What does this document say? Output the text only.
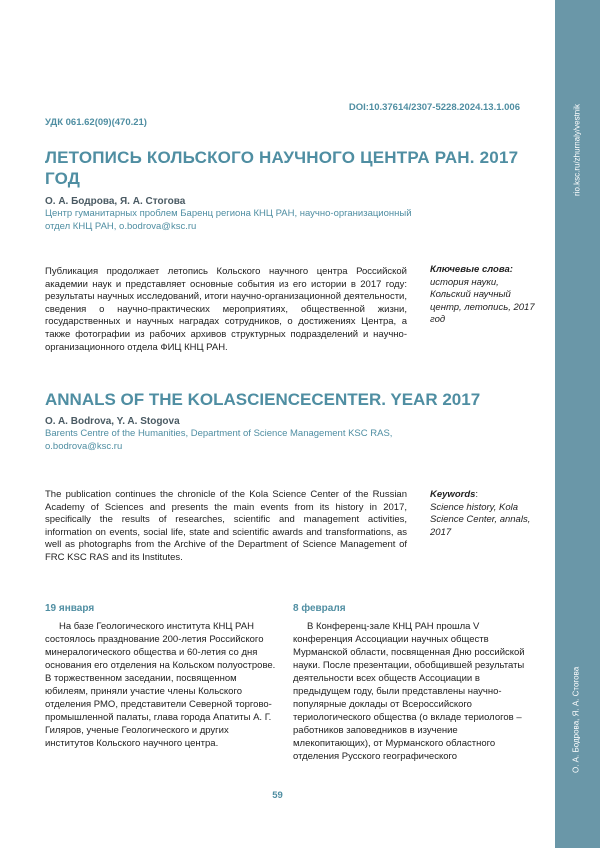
rio.ksc.ru/zhurnaly/vestnik
О. А. Бодрова, Я. А. Стогова
DOI:10.37614/2307-5228.2024.13.1.006
УДК 061.62(09)(470.21)
ЛЕТОПИСЬ КОЛЬСКОГО НАУЧНОГО ЦЕНТРА РАН. 2017 ГОД
О. А. Бодрова, Я. А. Стогова
Центр гуманитарных проблем Баренц региона КНЦ РАН, научно-организационный отдел КНЦ РАН, o.bodrova@ksc.ru
Публикация продолжает летопись Кольского научного центра Российской академии наук и представляет основные события из его истории в 2017 году: результаты научных исследований, итоги научно-организационной деятельности, сведения о научно-практических мероприятиях, общественной жизни, государственных и научных наградах сотрудников, о достижениях Центра, а также фотографии из рабочих архивов структурных подразделений и научно-организационного отдела ФИЦ КНЦ РАН.
Ключевые слова:
история науки, Кольский научный центр, летопись, 2017 год
ANNALS OF THE KOLASCIENCECENTER. YEAR 2017
O. A. Bodrova, Y. A. Stogova
Barents Centre of the Humanities, Department of Science Management KSC RAS, o.bodrova@ksc.ru
The publication continues the chronicle of the Kola Science Center of the Russian Academy of Sciences and presents the main events from its history in 2017, specifically the results of researches, scientific and management activities, information on events, social life, state and scientific awards and transformations, as well as photographs from the Archive of the Department of Science Management of FRC KSC RAS and its Institutes.
Keywords:
Science history, Kola Science Center, annals, 2017
19 января
На базе Геологического института КНЦ РАН состоялось празднование 200-летия Российского минералогического общества и 60-летия со дня основания его отделения на Кольском полуострове. В торжественном заседании, посвященном юбилеям, приняли участие члены Кольского отделения РМО, представители Северной торгово-промышленной палаты, глава города Апатиты А. Г. Гиляров, ученые Геологического и других институтов Кольского научного центра.
8 февраля
В Конференц-зале КНЦ РАН прошла V конференция Ассоциации научных обществ Мурманской области, посвященная Дню российской науки. После презентации, обобщившей результаты деятельности всех обществ Ассоциации в предыдущем году, были представлены научно-популярные доклады от Всероссийского териологического общества (о вкладе териологов – работников заповедников в изучение млекопитающих), от Мурманского областного отделения Русского географического
59
